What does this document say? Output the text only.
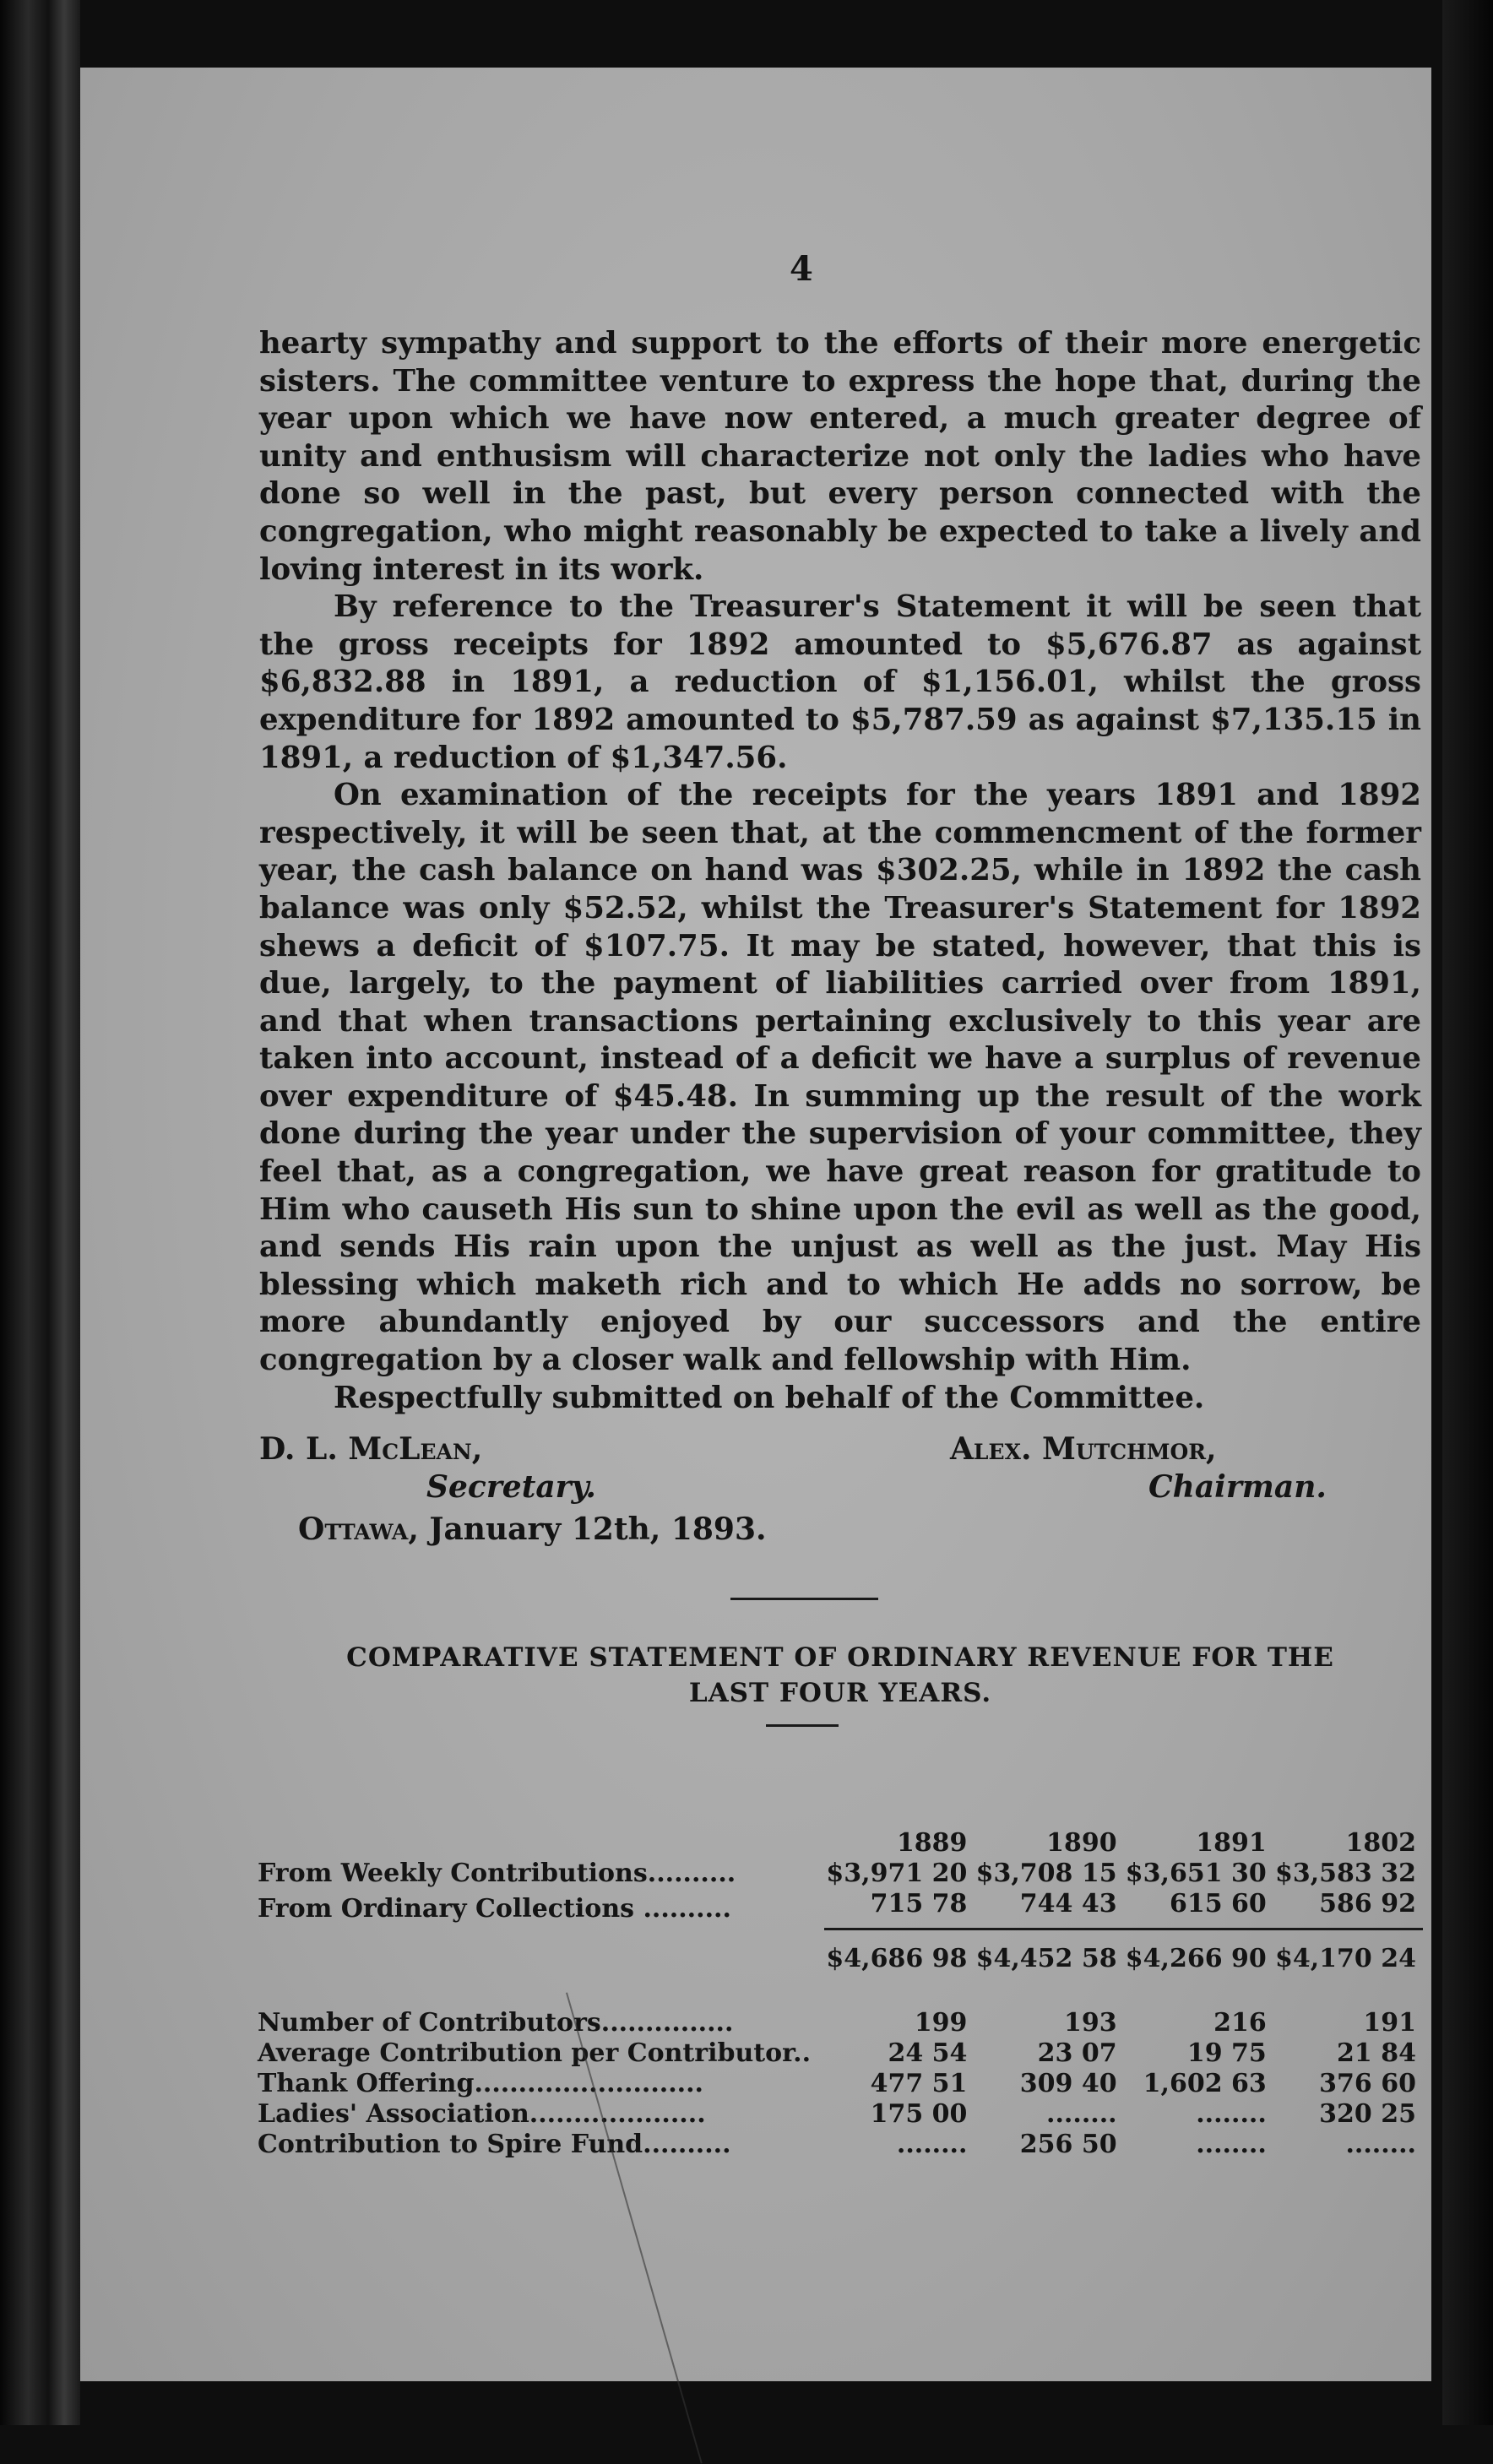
4

hearty sympathy and support to the efforts of their more energetic sisters. The committee venture to express the hope that, during the year upon which we have now entered, a much greater degree of unity and enthusism will characterize not only the ladies who have done so well in the past, but every person connected with the congregation, who might reasonably be expected to take a lively and loving interest in its work.

By reference to the Treasurer's Statement it will be seen that the gross receipts for 1892 amounted to $5,676.87 as against $6,832.88 in 1891, a reduction of $1,156.01, whilst the gross expenditure for 1892 amounted to $5,787.59 as against $7,135.15 in 1891, a reduction of $1,347.56.

On examination of the receipts for the years 1891 and 1892 respectively, it will be seen that, at the commencment of the former year, the cash balance on hand was $302.25, while in 1892 the cash balance was only $52.52, whilst the Treasurer's Statement for 1892 shews a deficit of $107.75. It may be stated, however, that this is due, largely, to the payment of liabilities carried over from 1891, and that when transactions pertaining exclusively to this year are taken into account, instead of a deficit we have a surplus of revenue over expenditure of $45.48. In summing up the result of the work done during the year under the supervision of your committee, they feel that, as a congregation, we have great reason for gratitude to Him who causeth His sun to shine upon the evil as well as the good, and sends His rain upon the unjust as well as the just. May His blessing which maketh rich and to which He adds no sorrow, be more abundantly enjoyed by our successors and the entire congregation by a closer walk and fellowship with Him.

Respectfully submitted on behalf of the Committee.

D. L. McLean,
Secretary.
Alex. Mutchmor,
Chairman.
Ottawa, January 12th, 1893.
COMPARATIVE STATEMENT OF ORDINARY REVENUE FOR THE
LAST FOUR YEARS.
	1889	1890	1891	1802
From Weekly Contributions..........	$3,971 20	$3,708 15	$3,651 30	$3,583 32
From Ordinary Collections ..........	715 78	744 43	615 60	586 92
	$4,686 98	$4,452 58	$4,266 90	$4,170 24

Number of Contributors...............	199	193	216	191
Average Contribution per Contributor..	24 54	23 07	19 75	21 84
Thank Offering..........................	477 51	309 40	1,602 63	376 60
Ladies' Association....................	175 00	........	........	320 25
Contribution to Spire Fund..........	........	256 50	........	........
